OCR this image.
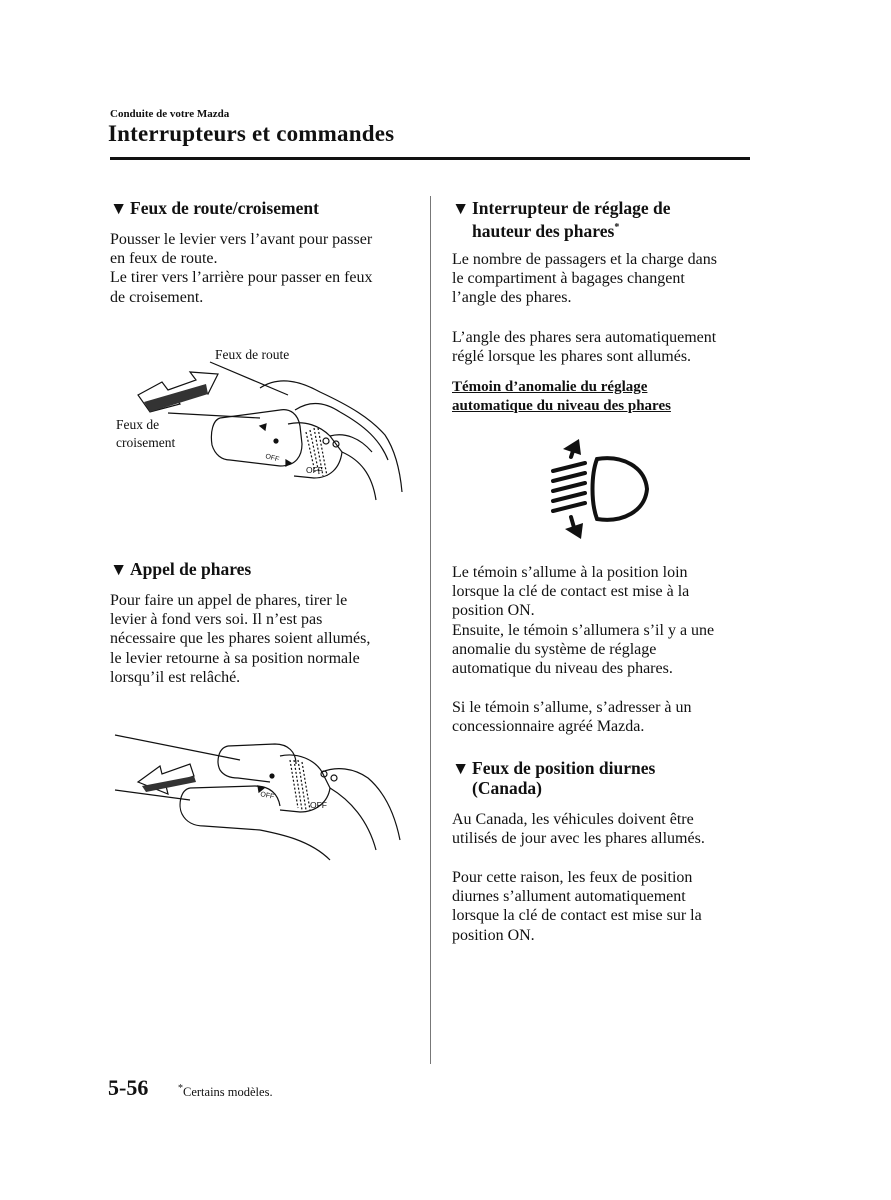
Conduite de votre Mazda
Interrupteurs et commandes
▼ Feux de route/croisement
Pousser le levier vers l’avant pour passer
en feux de route.
Le tirer vers l’arrière pour passer en feux
de croisement.
Feux de route
Feux de
croisement
OFF
OFF
▼ Appel de phares
Pour faire un appel de phares, tirer le
levier à fond vers soi. Il n’est pas
nécessaire que les phares soient allumés,
le levier retourne à sa position normale
lorsqu’il est relâché.
OFF
OFF
▼ Interrupteur de réglage de
hauteur des phares*
Le nombre de passagers et la charge dans
le compartiment à bagages changent
l’angle des phares.
L’angle des phares sera automatiquement
réglé lorsque les phares sont allumés.
Témoin d’anomalie du réglage
automatique du niveau des phares
Le témoin s’allume à la position loin
lorsque la clé de contact est mise à la
position ON.
Ensuite, le témoin s’allumera s’il y a une
anomalie du système de réglage
automatique du niveau des phares.
Si le témoin s’allume, s’adresser à un
concessionnaire agréé Mazda.
▼ Feux de position diurnes
(Canada)
Au Canada, les véhicules doivent être
utilisés de jour avec les phares allumés.
Pour cette raison, les feux de position
diurnes s’allument automatiquement
lorsque la clé de contact est mise sur la
position ON.
5-56	*Certains modèles.
